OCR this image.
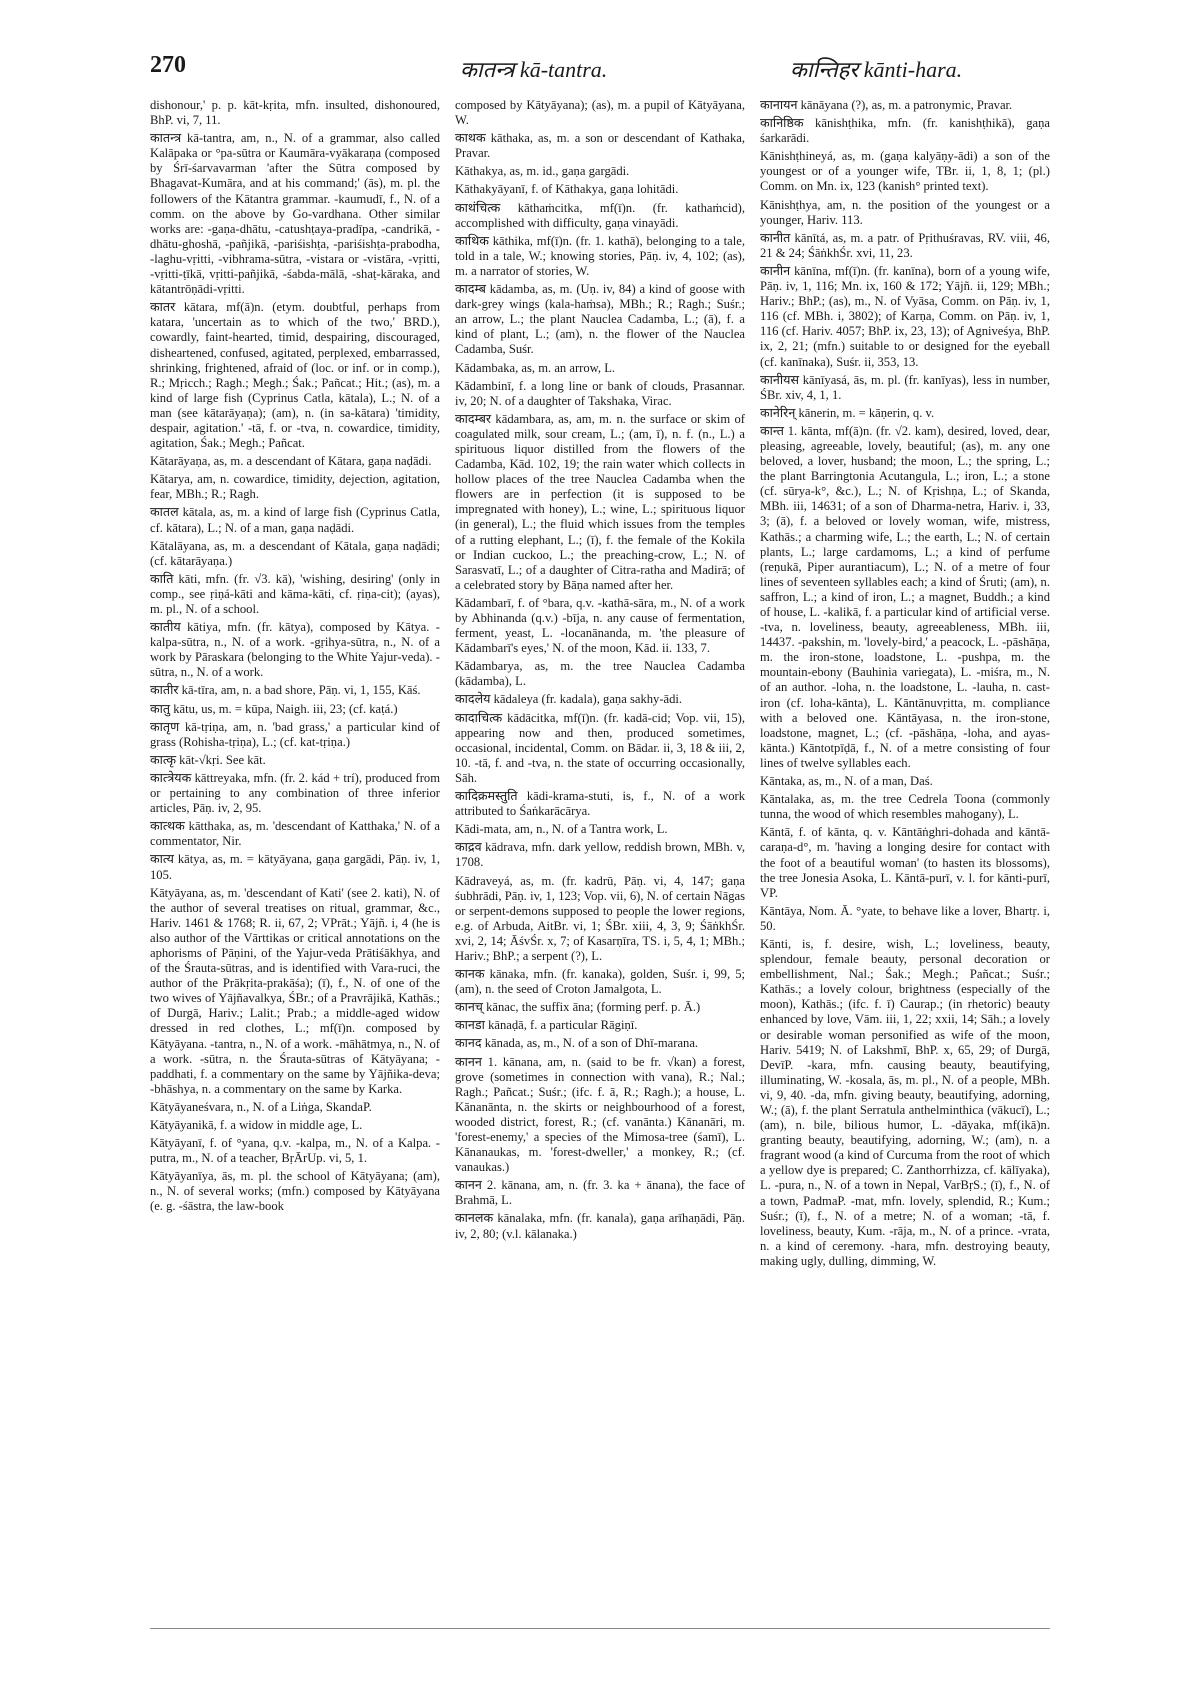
270	कातन्त्र kā-tantra.	कान्तिहर kānti-hara.

dishonour,' p. p. kāt-kṛita, mfn. insulted, dishonoured, BhP. vi, 7, 11.

कातन्त्र kā-tantra, am, n., N. of a grammar, also called Kalāpaka or °pa-sūtra or Kaumāra-vyākaraṇa (composed by Śrī-śarvavarman 'after the Sūtra composed by Bhagavat-Kumāra, and at his command;' (ās), m. pl. the followers of the Kātantra grammar. -kaumudī, f., N. of a comm. on the above by Go-vardhana. Other similar works are: -gaṇa-dhātu, -catushṭaya-pradīpa, -candrikā, -dhātu-ghoshā, -pañjikā, -pariśishṭa, -pariśishṭa-prabodha, -laghu-vṛitti, -vibhrama-sūtra, -vistara or -vistāra, -vṛitti, -vṛitti-ṭīkā, vṛitti-pañjikā, -śabda-mālā, -shaṭ-kāraka, and kātantrōṇādi-vṛitti.

कातर kātara, mf(ā)n. (etym. doubtful, perhaps from katara, 'uncertain as to which of the two,' BRD.), cowardly, faint-hearted, timid, despairing, discouraged, disheartened, confused, agitated, perplexed, embarrassed, shrinking, frightened, afraid of (loc. or inf. or in comp.), R.; Mṛicch.; Ragh.; Megh.; Śak.; Pañcat.; Hit.; (as), m. a kind of large fish (Cyprinus Catla, kātala), L.; N. of a man (see kātarāyaṇa); (am), n. (in sa-kātara) 'timidity, despair, agitation.' -tā, f. or -tva, n. cowardice, timidity, agitation, Śak.; Megh.; Pañcat.

Kātarāyaṇa, as, m. a descendant of Kātara, gaṇa naḍādi.

Kātarya, am, n. cowardice, timidity, dejection, agitation, fear, MBh.; R.; Ragh.

कातल kātala, as, m. a kind of large fish (Cyprinus Catla, cf. kātara), L.; N. of a man, gaṇa naḍādi.

Kātalāyana, as, m. a descendant of Kātala, gaṇa naḍādi; (cf. kātarāyaṇa.)

काति kāti, mfn. (fr. √3. kā), 'wishing, desiring' (only in comp., see ṛiṇá-kāti and kāma-kāti, cf. ṛiṇa-cit); (ayas), m. pl., N. of a school.

कातीय kātiya, mfn. (fr. kātya), composed by Kātya. -kalpa-sūtra, n., N. of a work. -gṛihya-sūtra, n., N. of a work by Pāraskara (belonging to the White Yajur-veda). -sūtra, n., N. of a work.

कातीर kā-tīra, am, n. a bad shore, Pāṇ. vi, 1, 155, Kāś.

कातु kātu, us, m. = kūpa, Naigh. iii, 23; (cf. kaṭá.)

कातृण kā-tṛiṇa, am, n. 'bad grass,' a particular kind of grass (Rohisha-tṛiṇa), L.; (cf. kat-tṛiṇa.)

कात्कृ kāt-√kṛi. See kāt.

कात्त्रेयक kāttreyaka, mfn. (fr. 2. kád + trí), produced from or pertaining to any combination of three inferior articles, Pāṇ. iv, 2, 95.

कात्थक kātthaka, as, m. 'descendant of Katthaka,' N. of a commentator, Nir.

कात्य kātya, as, m. = kātyāyana, gaṇa gargādi, Pāṇ. iv, 1, 105.

Kātyāyana, as, m. 'descendant of Kati' (see 2. kati), N. of the author of several treatises on ritual, grammar, &c., Hariv. 1461 & 1768; R. ii, 67, 2; VPrāt.; Yājñ. i, 4 (he is also author of the Vārttikas or critical annotations on the aphorisms of Pāṇini, of the Yajur-veda Prātiśākhya, and of the Śrauta-sūtras, and is identified with Vara-ruci, the author of the Prākṛita-prakāśa); (ī), f., N. of one of the two wives of Yājñavalkya, ŚBr.; of a Pravrājikā, Kathās.; of Durgā, Hariv.; Lalit.; Prab.; a middle-aged widow dressed in red clothes, L.; mf(ī)n. composed by Kātyāyana. -tantra, n., N. of a work. -māhātmya, n., N. of a work. -sūtra, n. the Śrauta-sūtras of Kātyāyana; -paddhati, f. a commentary on the same by Yājñika-deva; -bhāshya, n. a commentary on the same by Karka.

Kātyāyaneśvara, n., N. of a Liṅga, SkandaP.

Kātyāyanikā, f. a widow in middle age, L.

Kātyāyanī, f. of °yana, q.v. -kalpa, m., N. of a Kalpa. -putra, m., N. of a teacher, BṛĀrUp. vi, 5, 1.

Kātyāyanīya, ās, m. pl. the school of Kātyāyana; (am), n., N. of several works; (mfn.) composed by Kātyāyana (e. g. -śāstra, the law-book

composed by Kātyāyana); (as), m. a pupil of Kātyāyana, W.

काथक kāthaka, as, m. a son or descendant of Kathaka, Pravar.

Kāthakya, as, m. id., gaṇa gargādi.

Kāthakyāyanī, f. of Kāthakya, gaṇa lohitādi.

काथंचित्क kāthaṁcitka, mf(ī)n. (fr. kathaṁcid), accomplished with difficulty, gaṇa vinayādi.

काथिक kāthika, mf(ī)n. (fr. 1. kathā), belonging to a tale, told in a tale, W.; knowing stories, Pāṇ. iv, 4, 102; (as), m. a narrator of stories, W.

कादम्ब kādamba, as, m. (Uṇ. iv, 84) a kind of goose with dark-grey wings (kala-haṁsa), MBh.; R.; Ragh.; Suśr.; an arrow, L.; the plant Nauclea Cadamba, L.; (ā), f. a kind of plant, L.; (am), n. the flower of the Nauclea Cadamba, Suśr.

Kādambaka, as, m. an arrow, L.

Kādambinī, f. a long line or bank of clouds, Prasannar. iv, 20; N. of a daughter of Takshaka, Virac.

कादम्बर kādambara, as, am, m. n. the surface or skim of coagulated milk, sour cream, L.; (am, ī), n. f. (n., L.) a spirituous liquor distilled from the flowers of the Cadamba, Kād. 102, 19; the rain water which collects in hollow places of the tree Nauclea Cadamba when the flowers are in perfection (it is supposed to be impregnated with honey), L.; wine, L.; spirituous liquor (in general), L.; the fluid which issues from the temples of a rutting elephant, L.; (ī), f. the female of the Kokila or Indian cuckoo, L.; the preaching-crow, L.; N. of Sarasvatī, L.; of a daughter of Citra-ratha and Madirā; of a celebrated story by Bāṇa named after her.

Kādambarī, f. of °bara, q.v. -kathā-sāra, m., N. of a work by Abhinanda (q.v.) -bīja, n. any cause of fermentation, ferment, yeast, L. -locanānanda, m. 'the pleasure of Kādambarī's eyes,' N. of the moon, Kād. ii. 133, 7.

Kādambarya, as, m. the tree Nauclea Cadamba (kādamba), L.

कादलेय kādaleya (fr. kadala), gaṇa sakhy-ādi.

कादाचित्क kādācitka, mf(ī)n. (fr. kadā-cid; Vop. vii, 15), appearing now and then, produced sometimes, occasional, incidental, Comm. on Bādar. ii, 3, 18 & iii, 2, 10. -tā, f. and -tva, n. the state of occurring occasionally, Sāh.

कादिक्रमस्तुति kādi-krama-stuti, is, f., N. of a work attributed to Śaṅkarācārya.

Kādi-mata, am, n., N. of a Tantra work, L.

काद्रव kādrava, mfn. dark yellow, reddish brown, MBh. v, 1708.

Kādraveyá, as, m. (fr. kadrū, Pāṇ. vi, 4, 147; gaṇa śubhrādi, Pāṇ. iv, 1, 123; Vop. vii, 6), N. of certain Nāgas or serpent-demons supposed to people the lower regions, e.g. of Arbuda, AitBr. vi, 1; ŚBr. xiii, 4, 3, 9; ŚāṅkhŚr. xvi, 2, 14; ĀśvŚr. x, 7; of Kasarṇīra, TS. i, 5, 4, 1; MBh.; Hariv.; BhP.; a serpent (?), L.

कानक kānaka, mfn. (fr. kanaka), golden, Suśr. i, 99, 5; (am), n. the seed of Croton Jamalgota, L.

कानच् kānac, the suffix āna; (forming perf. p. Ā.)

कानडा kānaḍā, f. a particular Rāgiṇī.

कानद kānada, as, m., N. of a son of Dhī-marana.

कानन 1. kānana, am, n. (said to be fr. √kan) a forest, grove (sometimes in connection with vana), R.; Nal.; Ragh.; Pañcat.; Suśr.; (ifc. f. ā, R.; Ragh.); a house, L. Kānanānta, n. the skirts or neighbourhood of a forest, wooded district, forest, R.; (cf. vanānta.) Kānanāri, m. 'forest-enemy,' a species of the Mimosa-tree (śamī), L. Kānanaukas, m. 'forest-dweller,' a monkey, R.; (cf. vanaukas.)

कानन 2. kānana, am, n. (fr. 3. ka + ānana), the face of Brahmā, L.

कानलक kānalaka, mfn. (fr. kanala), gaṇa arīhaṇādi, Pāṇ. iv, 2, 80; (v.l. kālanaka.)

कानायन kānāyana (?), as, m. a patronymic, Pravar.

कानिष्ठिक kānishṭhika, mfn. (fr. kanishṭhikā), gaṇa śarkarādi.

Kānishṭhineyá, as, m. (gaṇa kalyāṇy-ādi) a son of the youngest or of a younger wife, TBr. ii, 1, 8, 1; (pl.) Comm. on Mn. ix, 123 (kanish° printed text).

Kānishṭhya, am, n. the position of the youngest or a younger, Hariv. 113.

कानीत kānītá, as, m. a patr. of Pṛithuśravas, RV. viii, 46, 21 & 24; ŚāṅkhŚr. xvi, 11, 23.

कानीन kānīna, mf(ī)n. (fr. kanīna), born of a young wife, Pāṇ. iv, 1, 116; Mn. ix, 160 & 172; Yājñ. ii, 129; MBh.; Hariv.; BhP.; (as), m., N. of Vyāsa, Comm. on Pāṇ. iv, 1, 116 (cf. MBh. i, 3802); of Karṇa, Comm. on Pāṇ. iv, 1, 116 (cf. Hariv. 4057; BhP. ix, 23, 13); of Agniveśya, BhP. ix, 2, 21; (mfn.) suitable to or designed for the eyeball (cf. kanīnaka), Suśr. ii, 353, 13.

कानीयस kānīyasá, ās, m. pl. (fr. kanīyas), less in number, ŚBr. xiv, 4, 1, 1.

कानेरिन् kānerin, m. = kāṇerin, q. v.

कान्त 1. kānta, mf(ā)n. (fr. √2. kam), desired, loved, dear, pleasing, agreeable, lovely, beautiful; (as), m. any one beloved, a lover, husband; the moon, L.; the spring, L.; the plant Barringtonia Acutangula, L.; iron, L.; a stone (cf. sūrya-k°, &c.), L.; N. of Kṛishṇa, L.; of Skanda, MBh. iii, 14631; of a son of Dharma-netra, Hariv. i, 33, 3; (ā), f. a beloved or lovely woman, wife, mistress, Kathās.; a charming wife, L.; the earth, L.; N. of certain plants, L.; large cardamoms, L.; a kind of perfume (reṇukā, Piper aurantiacum), L.; N. of a metre of four lines of seventeen syllables each; a kind of Śruti; (am), n. saffron, L.; a kind of iron, L.; a magnet, Buddh.; a kind of house, L. -kalikā, f. a particular kind of artificial verse. -tva, n. loveliness, beauty, agreeableness, MBh. iii, 14437. -pakshin, m. 'lovely-bird,' a peacock, L. -pāshāṇa, m. the iron-stone, loadstone, L. -pushpa, m. the mountain-ebony (Bauhinia variegata), L. -miśra, m., N. of an author. -loha, n. the loadstone, L. -lauha, n. cast-iron (cf. loha-kānta), L. Kāntānuvṛitta, m. compliance with a beloved one. Kāntāyasa, n. the iron-stone, loadstone, magnet, L.; (cf. -pāshāṇa, -loha, and ayas-kānta.) Kāntotpīḍā, f., N. of a metre consisting of four lines of twelve syllables each.

Kāntaka, as, m., N. of a man, Daś.

Kāntalaka, as, m. the tree Cedrela Toona (commonly tunna, the wood of which resembles mahogany), L.

Kāntā, f. of kānta, q. v. Kāntāṅghri-dohada and kāntā-caraṇa-d°, m. 'having a longing desire for contact with the foot of a beautiful woman' (to hasten its blossoms), the tree Jonesia Asoka, L. Kāntā-purī, v. l. for kānti-purī, VP.

Kāntāya, Nom. Ā. °yate, to behave like a lover, Bhartṛ. i, 50.

Kānti, is, f. desire, wish, L.; loveliness, beauty, splendour, female beauty, personal decoration or embellishment, Nal.; Śak.; Megh.; Pañcat.; Suśr.; Kathās.; a lovely colour, brightness (especially of the moon), Kathās.; (ifc. f. ī) Caurap.; (in rhetoric) beauty enhanced by love, Vām. iii, 1, 22; xxii, 14; Sāh.; a lovely or desirable woman personified as wife of the moon, Hariv. 5419; N. of Lakshmī, BhP. x, 65, 29; of Durgā, DevīP. -kara, mfn. causing beauty, beautifying, illuminating, W. -kosala, ās, m. pl., N. of a people, MBh. vi, 9, 40. -da, mfn. giving beauty, beautifying, adorning, W.; (ā), f. the plant Serratula anthelminthica (vākucī), L.; (am), n. bile, bilious humor, L. -dāyaka, mf(ikā)n. granting beauty, beautifying, adorning, W.; (am), n. a fragrant wood (a kind of Curcuma from the root of which a yellow dye is prepared; C. Zanthorrhizza, cf. kālīyaka), L. -pura, n., N. of a town in Nepal, VarBṛS.; (ī), f., N. of a town, PadmaP. -mat, mfn. lovely, splendid, R.; Kum.; Suśr.; (ī), f., N. of a metre; N. of a woman; -tā, f. loveliness, beauty, Kum. -rāja, m., N. of a prince. -vrata, n. a kind of ceremony. -hara, mfn. destroying beauty, making ugly, dulling, dimming, W.
